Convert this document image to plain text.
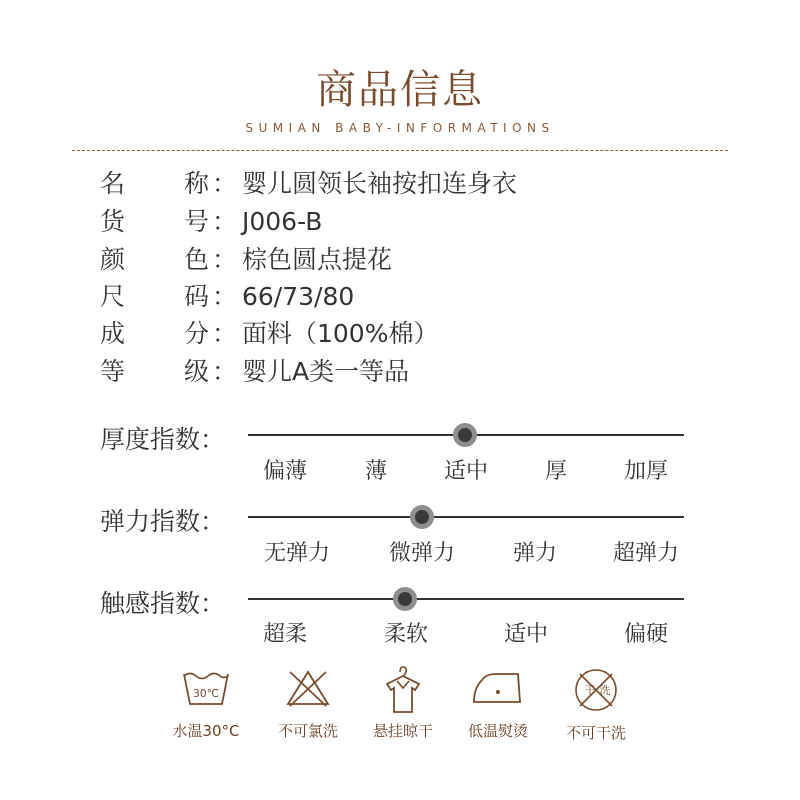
商品信息
SUMIAN BABY-INFORMATIONS
名	称 ： 婴儿圆领长袖按扣连身衣
货	号 ： J006-B
颜	色 ： 棕色圆点提花
尺	码 ： 66/73/80
成	分 ： 面料（100%棉）
等	级 ： 婴儿A类一等品
厚度指数：
偏薄	薄	适中	厚	加厚
弹力指数：
无弹力	微弹力	弹力	超弹力
触感指数：
超柔	柔软	适中	偏硬
30℃
水温30°C	不可氯洗	悬挂晾干	低温熨烫
干 洗
不可干洗
